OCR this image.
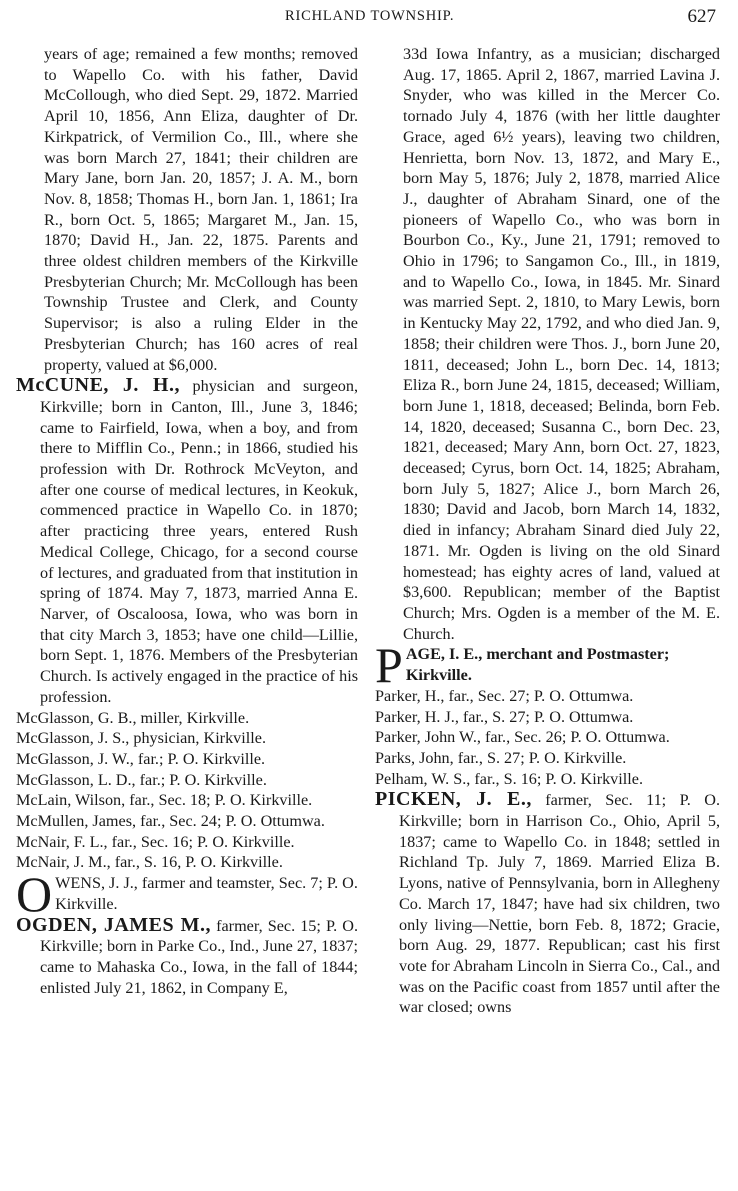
RICHLAND TOWNSHIP.	627

years of age; remained a few months; removed to Wapello Co. with his father, David McCollough, who died Sept. 29, 1872. Married April 10, 1856, Ann Eliza, daughter of Dr. Kirkpatrick, of Vermilion Co., Ill., where she was born March 27, 1841; their children are Mary Jane, born Jan. 20, 1857; J. A. M., born Nov. 8, 1858; Thomas H., born Jan. 1, 1861; Ira R., born Oct. 5, 1865; Margaret M., Jan. 15, 1870; David H., Jan. 22, 1875. Parents and three oldest children members of the Kirkville Presbyterian Church; Mr. McCollough has been Township Trustee and Clerk, and County Supervisor; is also a ruling Elder in the Presbyterian Church; has 160 acres of real property, valued at $6,000.

McCUNE, J. H., physician and surgeon, Kirkville; born in Canton, Ill., June 3, 1846; came to Fairfield, Iowa, when a boy, and from there to Mifflin Co., Penn.; in 1866, studied his profession with Dr. Rothrock McVeyton, and after one course of medical lectures, in Keokuk, commenced practice in Wapello Co. in 1870; after practicing three years, entered Rush Medical College, Chicago, for a second course of lectures, and graduated from that institution in spring of 1874. May 7, 1873, married Anna E. Narver, of Oscaloosa, Iowa, who was born in that city March 3, 1853; have one child—Lillie, born Sept. 1, 1876. Members of the Presbyterian Church. Is actively engaged in the practice of his profession.

McGlasson, G. B., miller, Kirkville.

McGlasson, J. S., physician, Kirkville.

McGlasson, J. W., far.; P. O. Kirkville.

McGlasson, L. D., far.; P. O. Kirkville.

McLain, Wilson, far., Sec. 18; P. O. Kirkville.

McMullen, James, far., Sec. 24; P. O. Ottumwa.

McNair, F. L., far., Sec. 16; P. O. Kirkville.

McNair, J. M., far., S. 16, P. O. Kirkville.

OWENS, J. J., farmer and teamster, Sec. 7; P. O. Kirkville.

OGDEN, JAMES M., farmer, Sec. 15; P. O. Kirkville; born in Parke Co., Ind., June 27, 1837; came to Mahaska Co., Iowa, in the fall of 1844; enlisted July 21, 1862, in Company E,

33d Iowa Infantry, as a musician; discharged Aug. 17, 1865. April 2, 1867, married Lavina J. Snyder, who was killed in the Mercer Co. tornado July 4, 1876 (with her little daughter Grace, aged 6½ years), leaving two children, Henrietta, born Nov. 13, 1872, and Mary E., born May 5, 1876; July 2, 1878, married Alice J., daughter of Abraham Sinard, one of the pioneers of Wapello Co., who was born in Bourbon Co., Ky., June 21, 1791; removed to Ohio in 1796; to Sangamon Co., Ill., in 1819, and to Wapello Co., Iowa, in 1845. Mr. Sinard was married Sept. 2, 1810, to Mary Lewis, born in Kentucky May 22, 1792, and who died Jan. 9, 1858; their children were Thos. J., born June 20, 1811, deceased; John L., born Dec. 14, 1813; Eliza R., born June 24, 1815, deceased; William, born June 1, 1818, deceased; Belinda, born Feb. 14, 1820, deceased; Susanna C., born Dec. 23, 1821, deceased; Mary Ann, born Oct. 27, 1823, deceased; Cyrus, born Oct. 14, 1825; Abraham, born July 5, 1827; Alice J., born March 26, 1830; David and Jacob, born March 14, 1832, died in infancy; Abraham Sinard died July 22, 1871. Mr. Ogden is living on the old Sinard homestead; has eighty acres of land, valued at $3,600. Republican; member of the Baptist Church; Mrs. Ogden is a member of the M. E. Church.

PAGE, I. E., merchant and Postmaster; Kirkville.

Parker, H., far., Sec. 27; P. O. Ottumwa.

Parker, H. J., far., S. 27; P. O. Ottumwa.

Parker, John W., far., Sec. 26; P. O. Ottumwa.

Parks, John, far., S. 27; P. O. Kirkville.

Pelham, W. S., far., S. 16; P. O. Kirkville.

PICKEN, J. E., farmer, Sec. 11; P. O. Kirkville; born in Harrison Co., Ohio, April 5, 1837; came to Wapello Co. in 1848; settled in Richland Tp. July 7, 1869. Married Eliza B. Lyons, native of Pennsylvania, born in Allegheny Co. March 17, 1847; have had six children, two only living—Nettie, born Feb. 8, 1872; Gracie, born Aug. 29, 1877. Republican; cast his first vote for Abraham Lincoln in Sierra Co., Cal., and was on the Pacific coast from 1857 until after the war closed; owns
